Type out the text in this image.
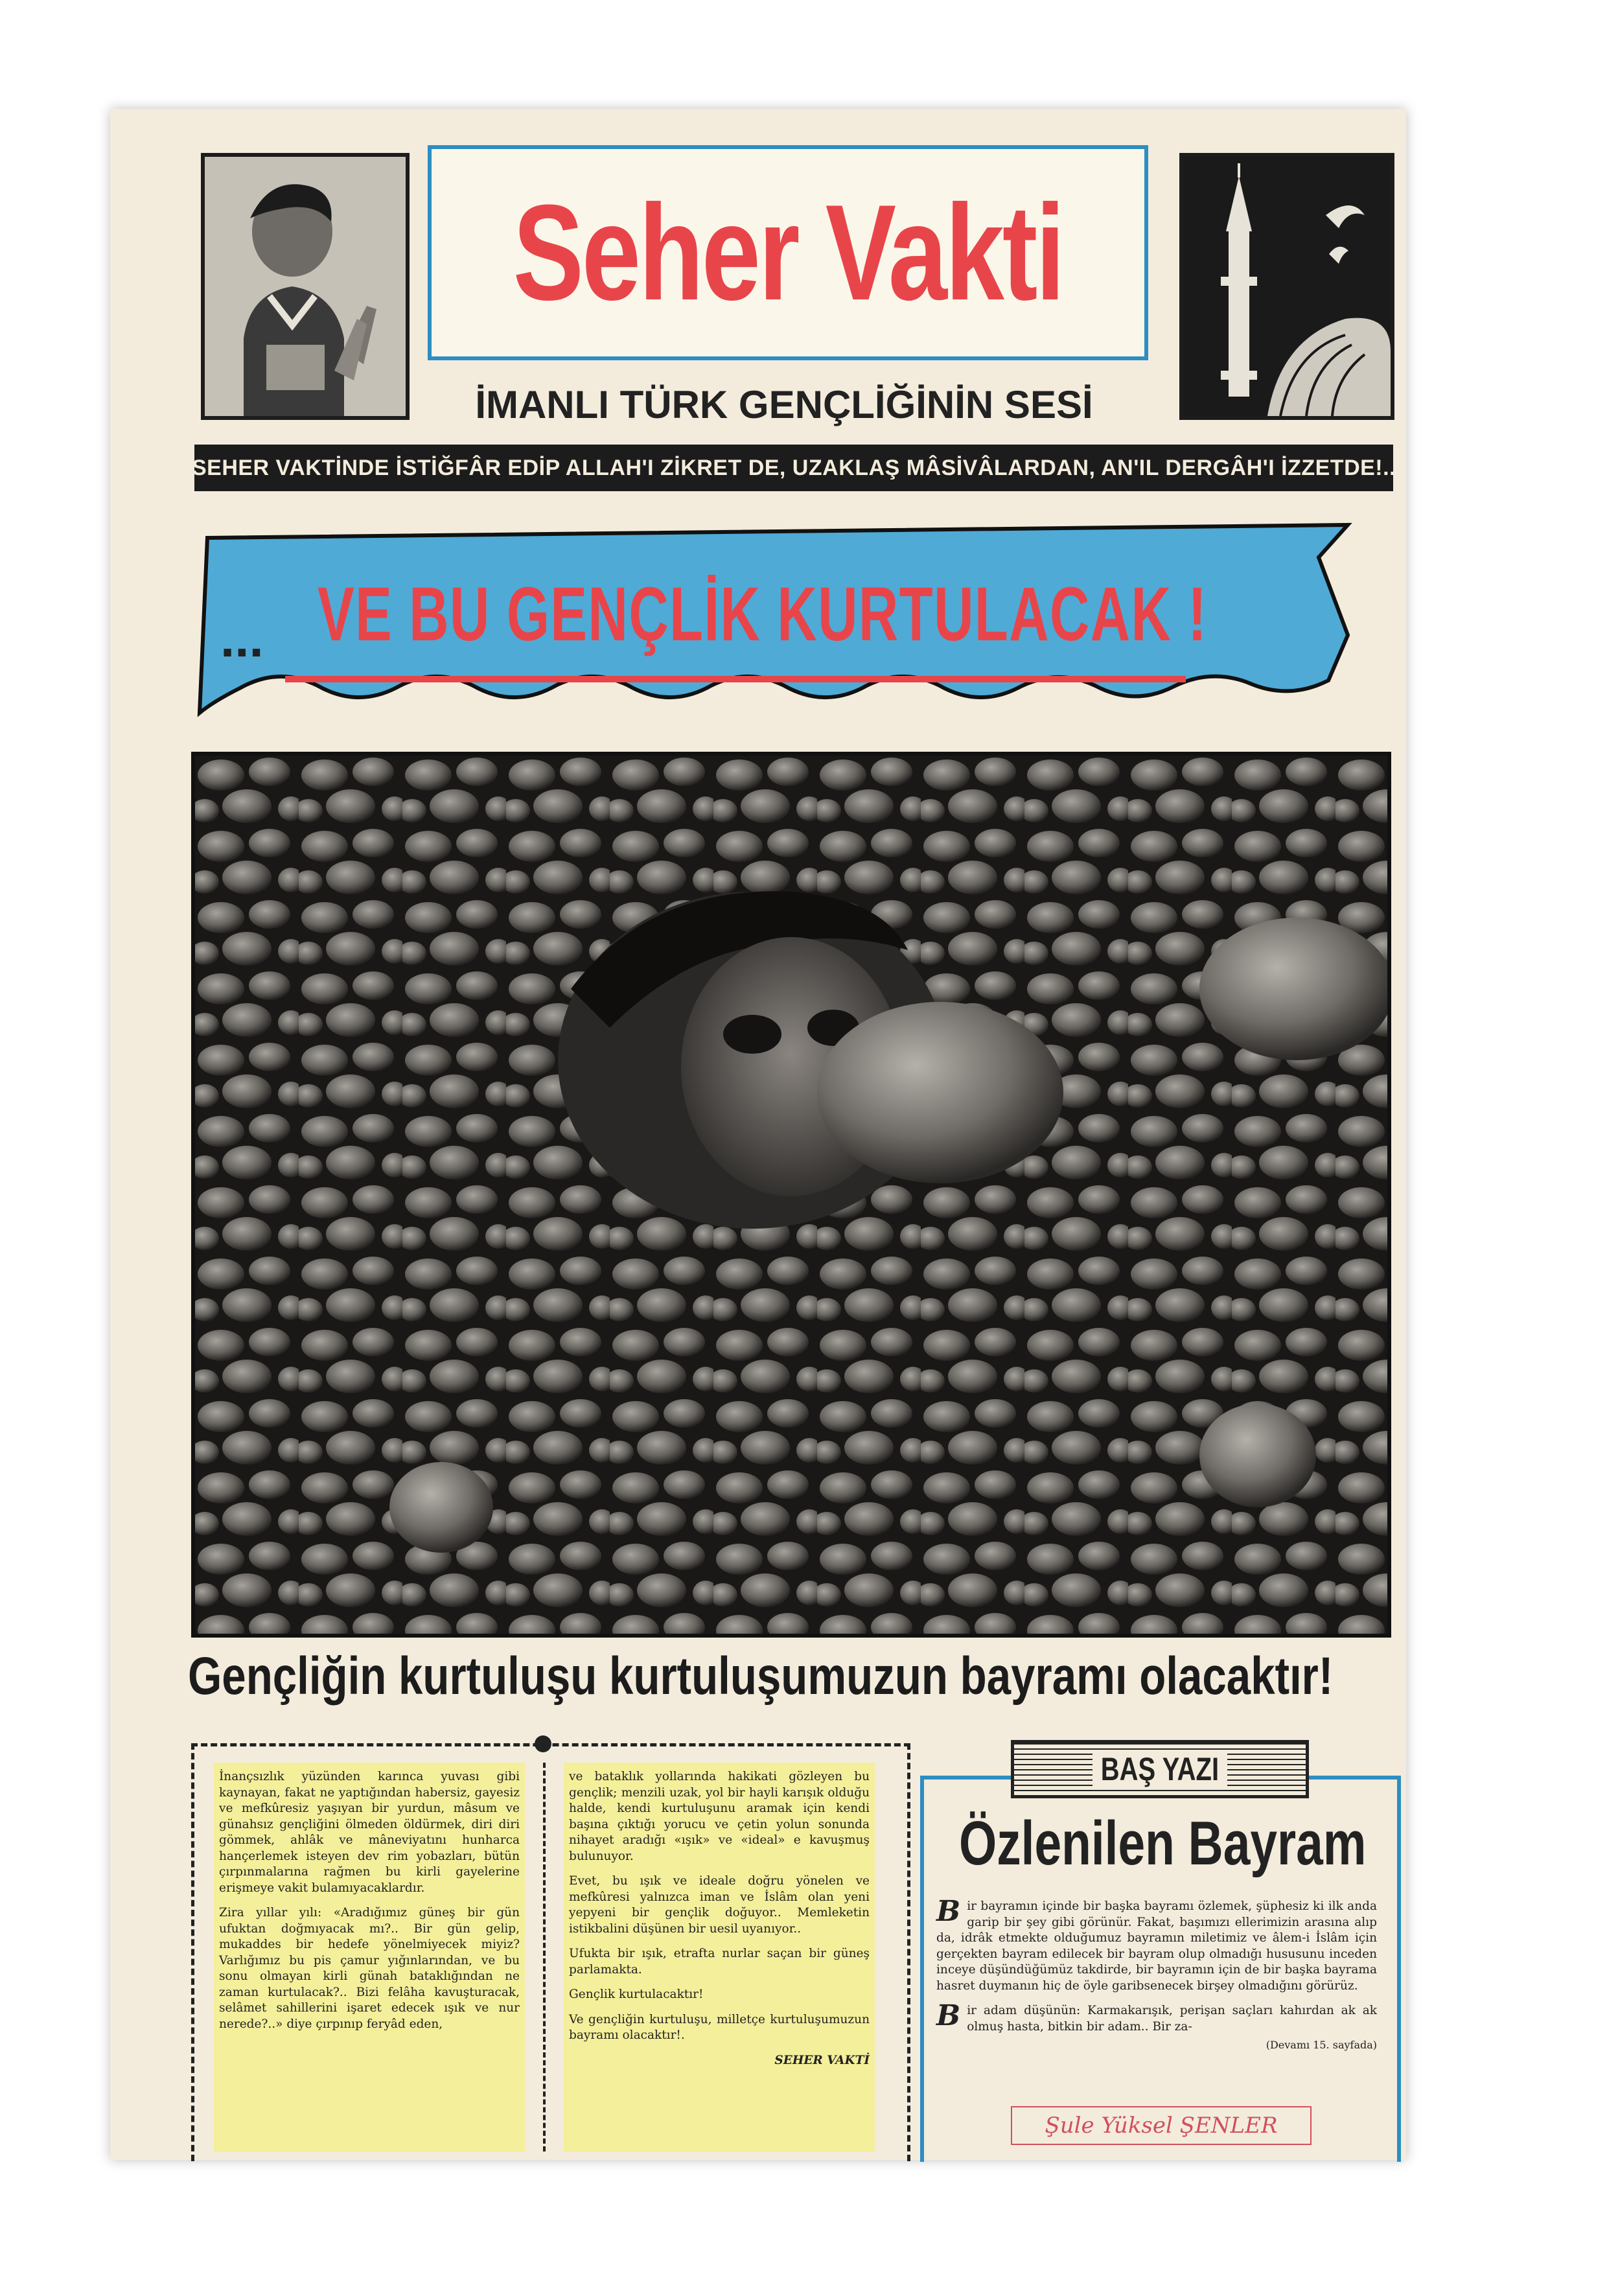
Seher Vakti
İMANLI TÜRK GENÇLİĞİNİN SESİ
SEHER VAKTİNDE İSTİĞFÂR EDİP ALLAH'I ZİKRET DE, UZAKLAŞ MÂSİVÂLARDAN, AN'IL DERGÂH'I İZZETDE!..
... VE BU GENÇLİK KURTULACAK !
Gençliğin kurtuluşu kurtuluşumuzun bayramı olacaktır!

İnançsızlık yüzünden karınca yuvası gibi kaynayan, fakat ne yaptığından habersiz, gayesiz ve mefkûresiz yaşıyan bir yurdun, mâsum ve günahsız gençliğini ölmeden öldürmek, diri diri gömmek, ahlâk ve mâneviyatını hunharca hançerlemek isteyen dev rim yobazları, bütün çırpınmalarına rağmen bu kirli gayelerine erişmeye vakit bulamıyacaklardır.

Zira yıllar yılı: «Aradığımız güneş bir gün ufuktan doğmıyacak mı?.. Bir gün gelip, mukaddes bir hedefe yönelmiyecek miyiz? Varlığımız bu pis çamur yığınlarından, ve bu sonu olmayan kirli günah bataklığından ne zaman kurtulacak?.. Bizi felâha kavuşturacak, selâmet sahillerini işaret edecek ışık ve nur nerede?..» diye çırpınıp feryâd eden,

ve bataklık yollarında hakikati gözleyen bu gençlik; menzili uzak, yol bir hayli karışık olduğu halde, kendi kurtuluşunu aramak için kendi başına çıktığı yorucu ve çetin yolun sonunda nihayet aradığı «ışık» ve «ideal» e kavuşmuş bulunuyor.

Evet, bu ışık ve ideale doğru yönelen ve mefkûresi yalnızca iman ve İslâm olan yeni yepyeni bir gençlik doğuyor.. Memleketin istikbalini düşünen bir uesil uyanıyor..

Ufukta bir ışık, etrafta nurlar saçan bir güneş parlamakta.

Gençlik kurtulacaktır!

Ve gençliğin kurtuluşu, milletçe kurtuluşumuzun bayramı olacaktır!.

SEHER VAKTİ
BAŞ YAZI
Özlenilen Bayram

Bir bayramın içinde bir başka bayramı özlemek, şüphesiz ki ilk anda garip bir şey gibi görünür. Fakat, başımızı ellerimizin arasına alıp da, idrâk etmekte olduğumuz bayramın miletimiz ve âlem-i İslâm için gerçekten bayram edilecek bir bayram olup olmadığı hususunu inceden inceye düşündüğümüz takdirde, bir bayramın için de bir başka bayrama hasret duymanın hiç de öyle garibsenecek birşey olmadığını görürüz.

Bir adam düşünün: Karmakarışık, perişan saçları kahırdan ak ak olmuş hasta, bitkin bir adam.. Bir za-

(Devamı 15. sayfada)
Şule Yüksel ŞENLER
